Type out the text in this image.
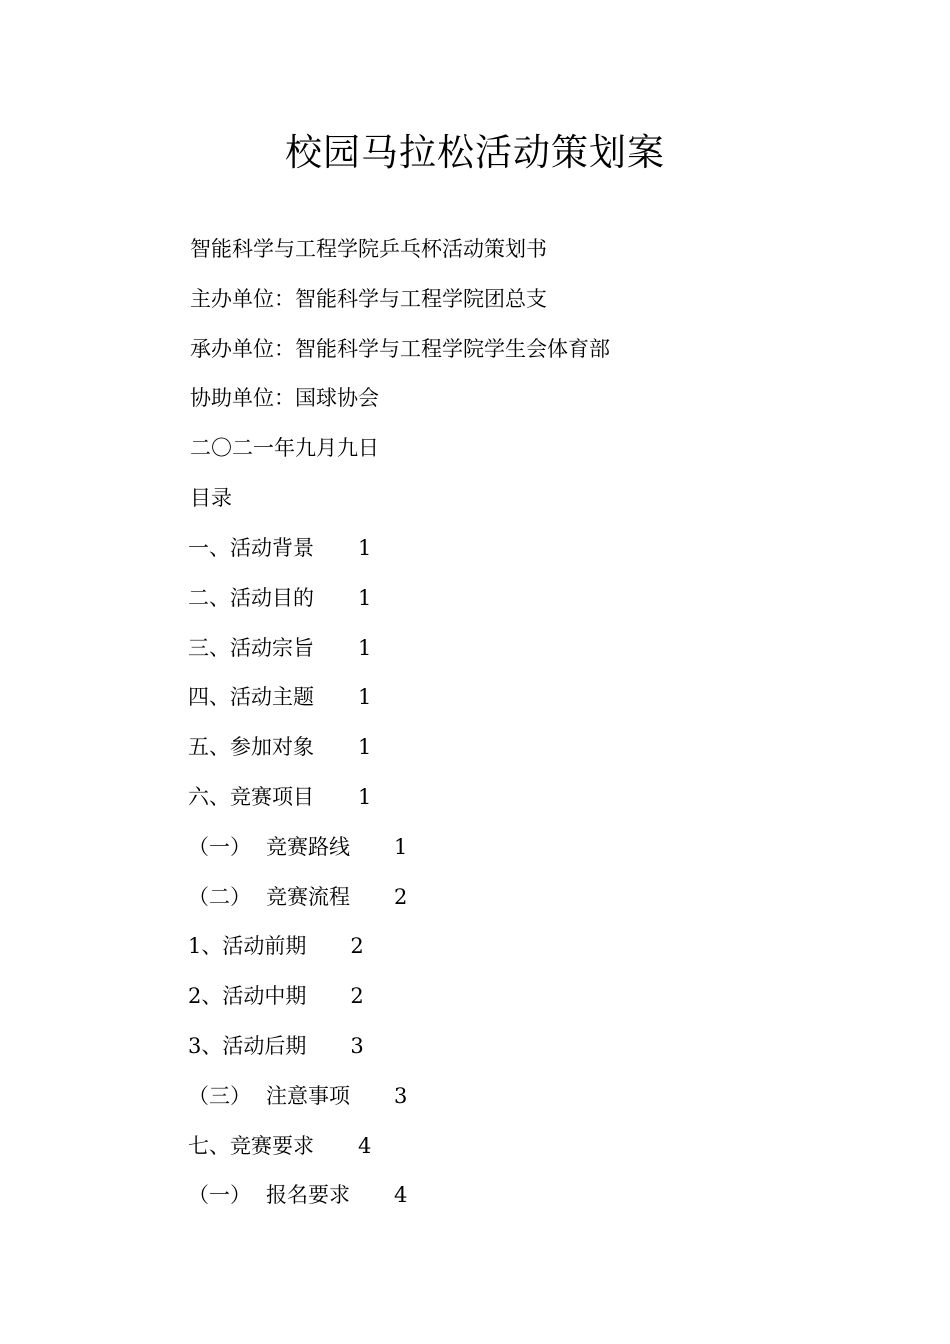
校园马拉松活动策划案
智能科学与工程学院乒乓杯活动策划书
主办单位：智能科学与工程学院团总支
承办单位：智能科学与工程学院学生会体育部
协助单位：国球协会
二〇二一年九月九日
目录
一、活动背景 1
二、活动目的 1
三、活动宗旨 1
四、活动主题 1
五、参加对象 1
六、竞赛项目 1
（一） 竞赛路线 1
（二） 竞赛流程 2
1、活动前期 2
2、活动中期 2
3、活动后期 3
（三） 注意事项 3
七、竞赛要求 4
（一） 报名要求 4
